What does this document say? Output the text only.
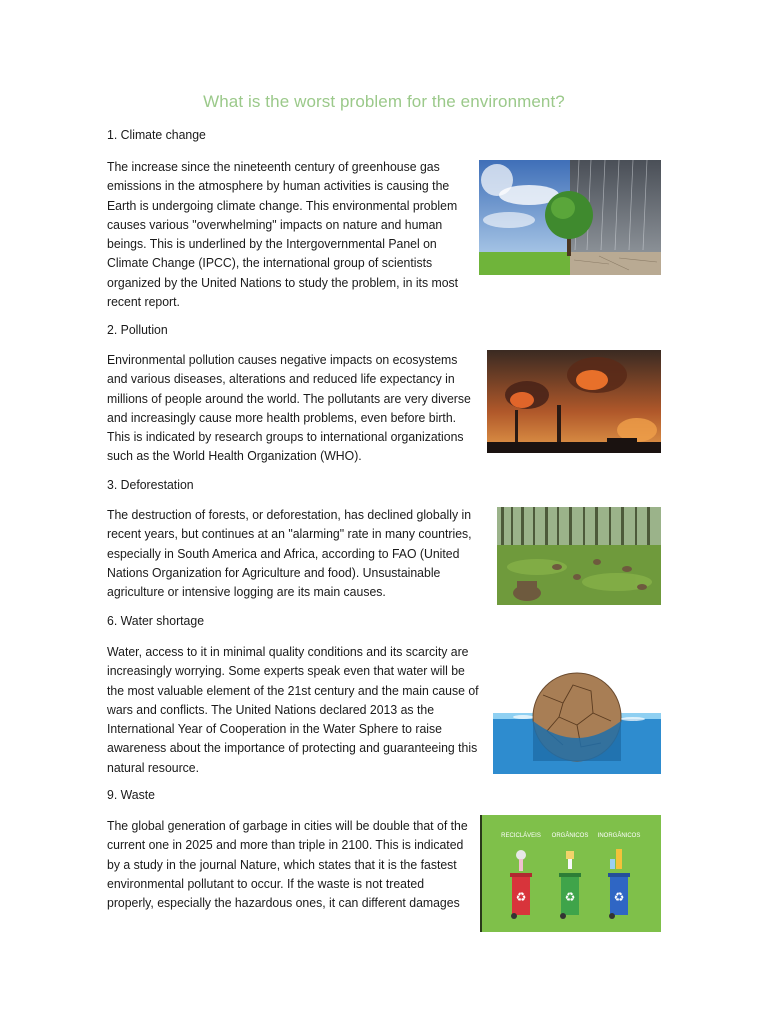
What is the worst problem for the environment?
1. Climate change
The increase since the nineteenth century of greenhouse gas
emissions in the atmosphere by human activities is causing the
Earth is undergoing climate change. This environmental problem
causes various "overwhelming" impacts on nature and human
beings. This is underlined by the Intergovernmental Panel on
Climate Change (IPCC), the international group of scientists
organized by the United Nations to study the problem, in its most
recent report.
2. Pollution
Environmental pollution causes negative impacts on ecosystems
and various diseases, alterations and reduced life expectancy in
millions of people around the world. The pollutants are very diverse
and increasingly cause more health problems, even before birth.
This is indicated by research groups to international organizations
such as the World Health Organization (WHO).
3. Deforestation
The destruction of forests, or deforestation, has declined globally in
recent years, but continues at an "alarming" rate in many countries,
especially in South America and Africa, according to FAO (United
Nations Organization for Agriculture and food). Unsustainable
agriculture or intensive logging are its main causes.
6. Water shortage
Water, access to it in minimal quality conditions and its scarcity are
increasingly worrying. Some experts speak even that water will be
the most valuable element of the 21st century and the main cause of
wars and conflicts. The United Nations declared 2013 as the
International Year of Cooperation in the Water Sphere to raise
awareness about the importance of protecting and guaranteeing this
natural resource.
9. Waste
The global generation of garbage in cities will be double that of the
current one in 2025 and more than triple in 2100. This is indicated
by a study in the journal Nature, which states that it is the fastest
environmental pollutant to occur. If the waste is not treated
properly, especially the hazardous ones, it can different damages
RECICLÁVEIS ORGÂNICOS INORGÂNICOS
♻	♻	♻
